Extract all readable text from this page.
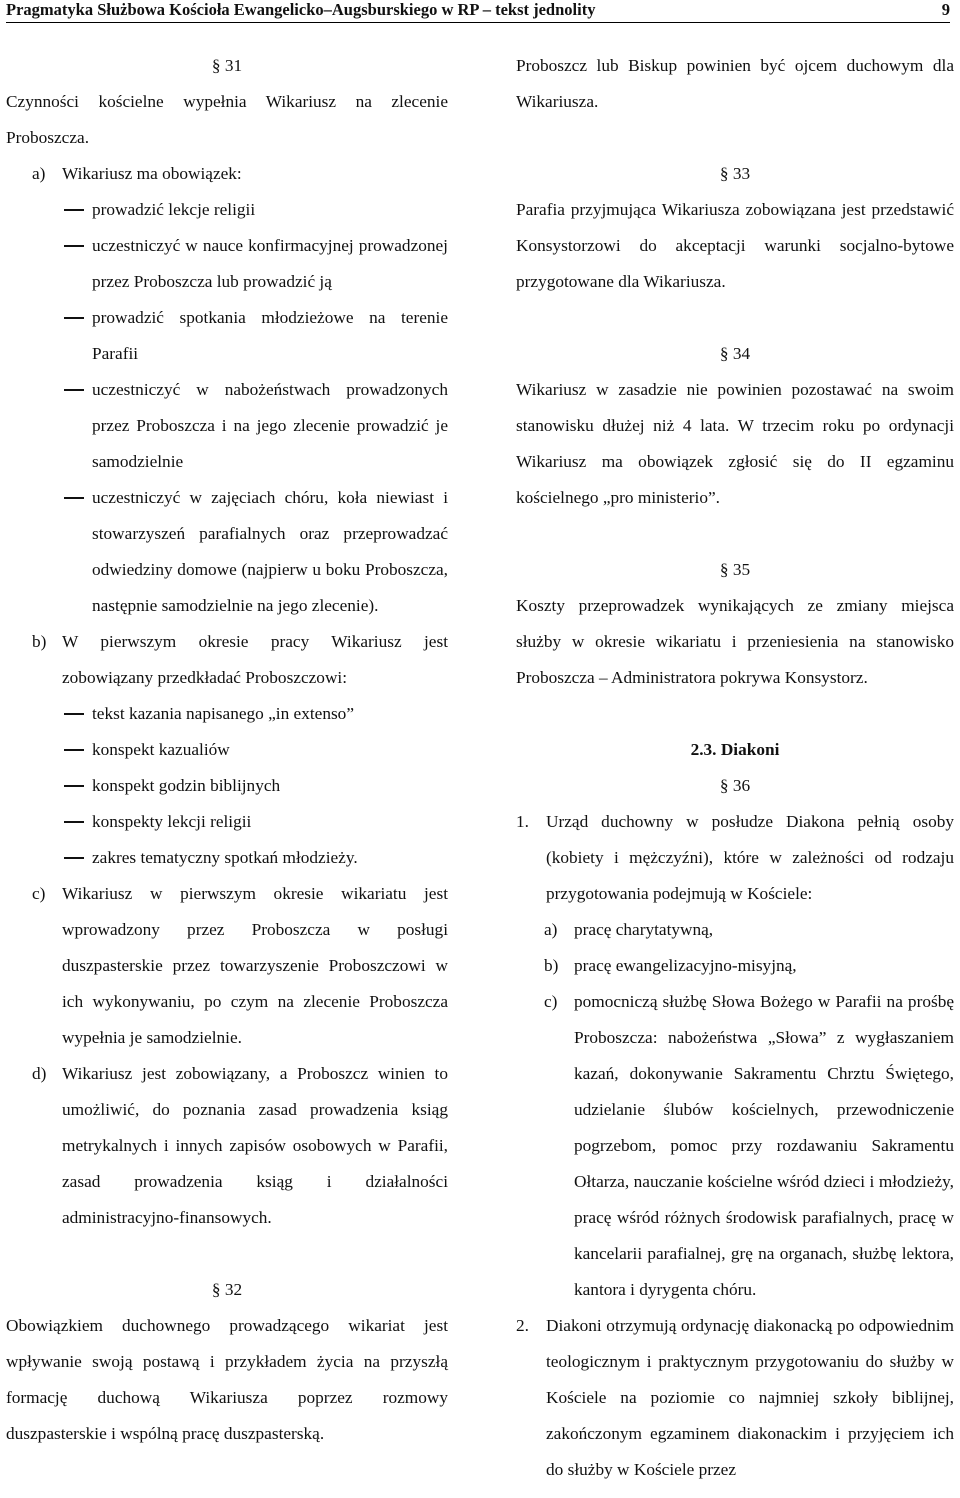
Pragmatyka Służbowa Kościoła Ewangelicko–Augsburskiego w RP – tekst jednolity	9

§ 31

Czynności kościelne wypełnia Wikariusz na zlecenie Proboszcza.

a) Wikariusz ma obowiązek:
prowadzić lekcje religii
uczestniczyć w nauce konfirmacyjnej prowadzonej przez Proboszcza lub prowadzić ją
prowadzić spotkania młodzieżowe na terenie Parafii
uczestniczyć w nabożeństwach prowadzonych przez Proboszcza i na jego zlecenie prowadzić je samodzielnie
uczestniczyć w zajęciach chóru, koła niewiast i stowarzyszeń parafialnych oraz przeprowadzać odwiedziny domowe (najpierw u boku Proboszcza, następnie samodzielnie na jego zlecenie).
b) W pierwszym okresie pracy Wikariusz jest zobowiązany przedkładać Proboszczowi:
tekst kazania napisanego „in extenso”
konspekt kazualiów
konspekt godzin biblijnych
konspekty lekcji religii
zakres tematyczny spotkań młodzieży.
c) Wikariusz w pierwszym okresie wikariatu jest wprowadzony przez Proboszcza w posługi duszpasterskie przez towarzyszenie Proboszczowi w ich wykonywaniu, po czym na zlecenie Proboszcza wypełnia je samodzielnie.
d) Wikariusz jest zobowiązany, a Proboszcz winien to umożliwić, do poznania zasad prowadzenia ksiąg metrykalnych i innych zapisów osobowych w Parafii, zasad prowadzenia ksiąg i działalności administracyjno-finansowych.

§ 32

Obowiązkiem duchownego prowadzącego wikariat jest wpływanie swoją postawą i przykładem życia na przyszłą formację duchową Wikariusza poprzez rozmowy duszpasterskie i wspólną pracę duszpasterską.

Proboszcz lub Biskup powinien być ojcem duchowym dla Wikariusza.

§ 33

Parafia przyjmująca Wikariusza zobowiązana jest przedstawić Konsystorzowi do akceptacji warunki socjalno-bytowe przygotowane dla Wikariusza.

§ 34

Wikariusz w zasadzie nie powinien pozostawać na swoim stanowisku dłużej niż 4 lata. W trzecim roku po ordynacji Wikariusz ma obowiązek zgłosić się do II egzaminu kościelnego „pro ministerio”.

§ 35

Koszty przeprowadzek wynikających ze zmiany miejsca służby w okresie wikariatu i przeniesienia na stanowisko Proboszcza – Administratora pokrywa Konsystorz.

2.3. Diakoni

§ 36

1. Urząd duchowny w posłudze Diakona pełnią osoby (kobiety i mężczyźni), które w zależności od rodzaju przygotowania podejmują w Kościele:
a) pracę charytatywną,
b) pracę ewangelizacyjno-misyjną,
c) pomocniczą służbę Słowa Bożego w Parafii na prośbę Proboszcza: nabożeństwa „Słowa” z wygłaszaniem kazań, dokonywanie Sakramentu Chrztu Świętego, udzielanie ślubów kościelnych, przewodniczenie pogrzebom, pomoc przy rozdawaniu Sakramentu Ołtarza, nauczanie kościelne wśród dzieci i młodzieży, pracę wśród różnych środowisk parafialnych, pracę w kancelarii parafialnej, grę na organach, służbę lektora, kantora i dyrygenta chóru.
2. Diakoni otrzymują ordynację diakonacką po odpowiednim teologicznym i praktycznym przygotowaniu do służby w Kościele na poziomie co najmniej szkoły biblijnej, zakończonym egzaminem diakonackim i przyjęciem ich do służby w Kościele przez
